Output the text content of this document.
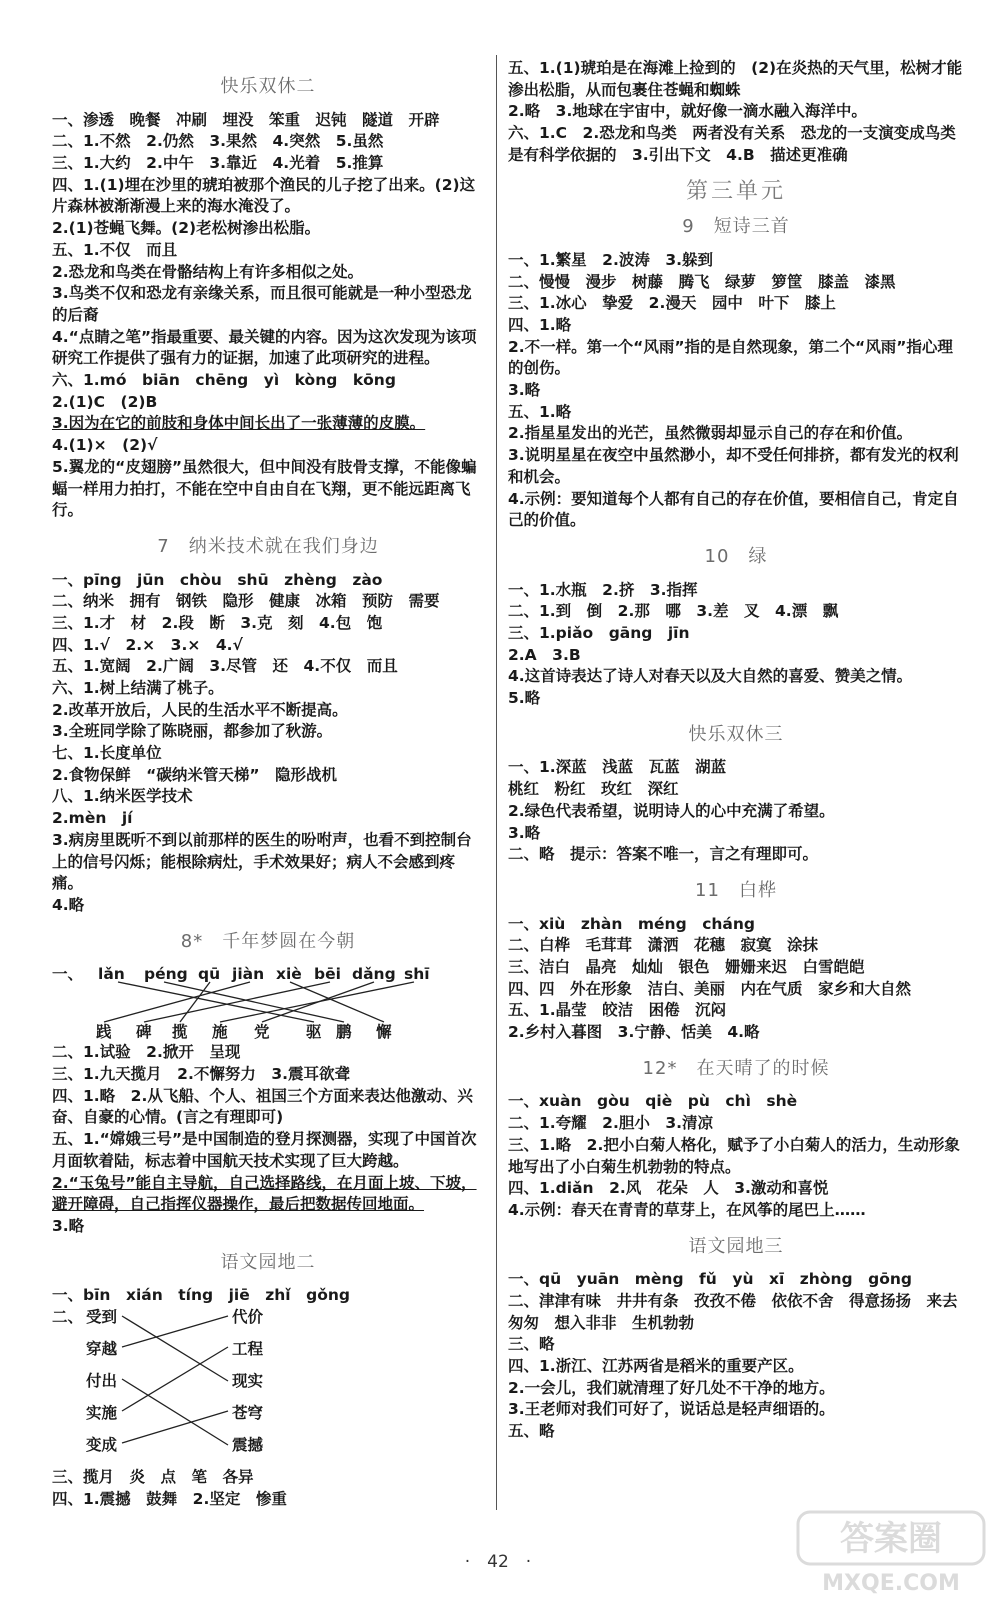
快乐双休二
一、渗透　晚餐　冲刷　埋没　笨重　迟钝　隧道　开辟
二、1.不然　2.仍然　3.果然　4.突然　5.虽然
三、1.大约　2.中午　3.靠近　4.光着　5.推算
四、1.(1)埋在沙里的琥珀被那个渔民的儿子挖了出来。(2)这片森林被渐渐漫上来的海水淹没了。
2.(1)苍蝇飞舞。(2)老松树渗出松脂。
五、1.不仅　而且
2.恐龙和鸟类在骨骼结构上有许多相似之处。
3.鸟类不仅和恐龙有亲缘关系，而且很可能就是一种小型恐龙的后裔
4.“点睛之笔”指最重要、最关键的内容。因为这次发现为该项研究工作提供了强有力的证据，加速了此项研究的进程。
六、1.mó　biān　chēng　yì　kòng　kōng
2.(1)C　(2)B
3.因为在它的前肢和身体中间长出了一张薄薄的皮膜。
4.(1)×　(2)√
5.翼龙的“皮翅膀”虽然很大，但中间没有肢骨支撑，不能像蝙蝠一样用力拍打，不能在空中自由自在飞翔，更不能远距离飞行。
7　纳米技术就在我们身边
一、pīng　jūn　chòu　shū　zhèng　zào
二、纳米　拥有　钢铁　隐形　健康　冰箱　预防　需要
三、1.才　材　2.段　断　3.克　刻　4.包　饱
四、1.√　2.×　3.×　4.√
五、1.宽阔　2.广阔　3.尽管　还　4.不仅　而且
六、1.树上结满了桃子。
2.改革开放后，人民的生活水平不断提高。
3.全班同学除了陈晓丽，都参加了秋游。
七、1.长度单位
2.食物保鲜　“碳纳米管天梯”　隐形战机
八、1.纳米医学技术
2.mèn　jí
3.病房里既听不到以前那样的医生的吩咐声，也看不到控制台上的信号闪烁；能根除病灶，手术效果好；病人不会感到疼痛。
4.略
8*　千年梦圆在今朝
一、 lǎn péng qū jiàn xiè bēi dǎng shī
践 碑 揽 施 党 驱 鹏 懈
二、1.试验　2.掀开　呈现
三、1.九天揽月　2.不懈努力　3.震耳欲聋
四、1.略　2.从飞船、个人、祖国三个方面来表达他激动、兴奋、自豪的心情。(言之有理即可)
五、1.“嫦娥三号”是中国制造的登月探测器，实现了中国首次月面软着陆，标志着中国航天技术实现了巨大跨越。
2.“玉兔号”能自主导航，自己选择路线，在月面上坡、下坡，避开障碍，自己指挥仪器操作，最后把数据传回地面。
3.略
语文园地二
一、bīn　xián　tíng　jiē　zhǐ　gǒng
二、 受到
穿越
付出
实施
变成
代价
工程
现实
苍穹
震撼
三、揽月　炎　点　笔　各异
四、1.震撼　鼓舞　2.坚定　惨重
五、1.(1)琥珀是在海滩上捡到的　(2)在炎热的天气里，松树才能渗出松脂，从而包裹住苍蝇和蜘蛛
2.略　3.地球在宇宙中，就好像一滴水融入海洋中。
六、1.C　2.恐龙和鸟类　两者没有关系　恐龙的一支演变成鸟类是有科学依据的　3.引出下文　4.B　描述更准确
第三单元
9　短诗三首
一、1.繁星　2.波涛　3.躲到
二、慢慢　漫步　树藤　腾飞　绿萝　箩筐　膝盖　漆黑
三、1.冰心　挚爱　2.漫天　园中　叶下　膝上
四、1.略
2.不一样。第一个“风雨”指的是自然现象，第二个“风雨”指心理的创伤。
3.略
五、1.略
2.指星星发出的光芒，虽然微弱却显示自己的存在和价值。
3.说明星星在夜空中虽然渺小，却不受任何排挤，都有发光的权利和机会。
4.示例：要知道每个人都有自己的存在价值，要相信自己，肯定自己的价值。
10　绿
一、1.水瓶　2.挤　3.指挥
二、1.到　倒　2.那　哪　3.差　叉　4.漂　飘
三、1.piǎo　gāng　jīn
2.A　3.B
4.这首诗表达了诗人对春天以及大自然的喜爱、赞美之情。
5.略
快乐双休三
一、1.深蓝　浅蓝　瓦蓝　湖蓝
桃红　粉红　玫红　深红
2.绿色代表希望，说明诗人的心中充满了希望。
3.略
二、略　提示：答案不唯一，言之有理即可。
11　白桦
一、xiù　zhàn　méng　cháng
二、白桦　毛茸茸　潇洒　花穗　寂寞　涂抹
三、洁白　晶亮　灿灿　银色　姗姗来迟　白雪皑皑
四、四　外在形象　洁白、美丽　内在气质　家乡和大自然
五、1.晶莹　皎洁　困倦　沉闷
2.乡村入暮图　3.宁静、恬美　4.略
12*　在天晴了的时候
一、xuàn　gòu　qiè　pù　chì　shè
二、1.夸耀　2.胆小　3.清凉
三、1.略　2.把小白菊人格化，赋予了小白菊人的活力，生动形象地写出了小白菊生机勃勃的特点。
四、1.diǎn　2.风　花朵　人　3.激动和喜悦
4.示例：春天在青青的草芽上，在风筝的尾巴上……
语文园地三
一、qū　yuān　mèng　fǔ　yù　xī　zhòng　gōng
二、津津有味　井井有条　孜孜不倦　依依不舍　得意扬扬　来去匆匆　想入非非　生机勃勃
三、略
四、1.浙江、江苏两省是稻米的重要产区。
2.一会儿，我们就清理了好几处不干净的地方。
3.王老师对我们可好了，说话总是轻声细语的。
五、略
·　42　·
答案圈
MXQE.COM
